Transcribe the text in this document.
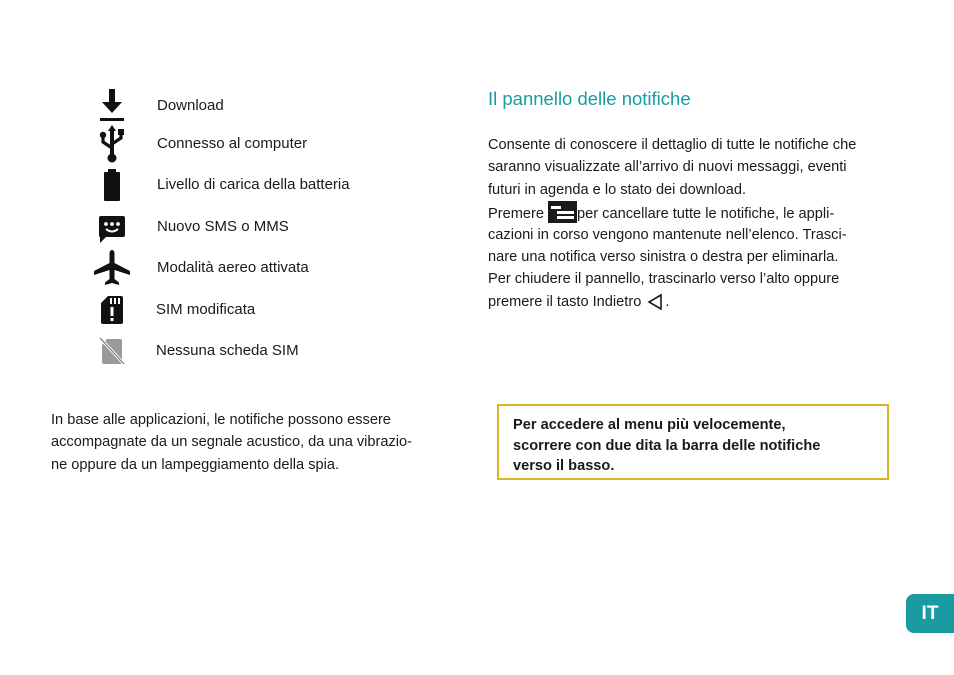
Download
Connesso al computer
Livello di carica della batteria
Nuovo SMS o MMS
Modalità aereo attivata
SIM modificata
Nessuna scheda SIM
Il pannello delle notifiche
Consente di conoscere il dettaglio di tutte le notifiche che
saranno visualizzate all’arrivo di nuovi messaggi, eventi
futuri in agenda e lo stato dei download.
Premere per cancellare tutte le notifiche, le appli-
cazioni in corso vengono mantenute nell’elenco. Trasci-
nare una notifica verso sinistra o destra per eliminarla.
Per chiudere il pannello, trascinarlo verso l’alto oppure
premere il tasto Indietro .
In base alle applicazioni, le notifiche possono essere
accompagnate da un segnale acustico, da una vibrazio-
ne oppure da un lampeggiamento della spia.
Per accedere al menu più velocemente,
scorrere con due dita la barra delle notifiche
verso il basso.
IT
